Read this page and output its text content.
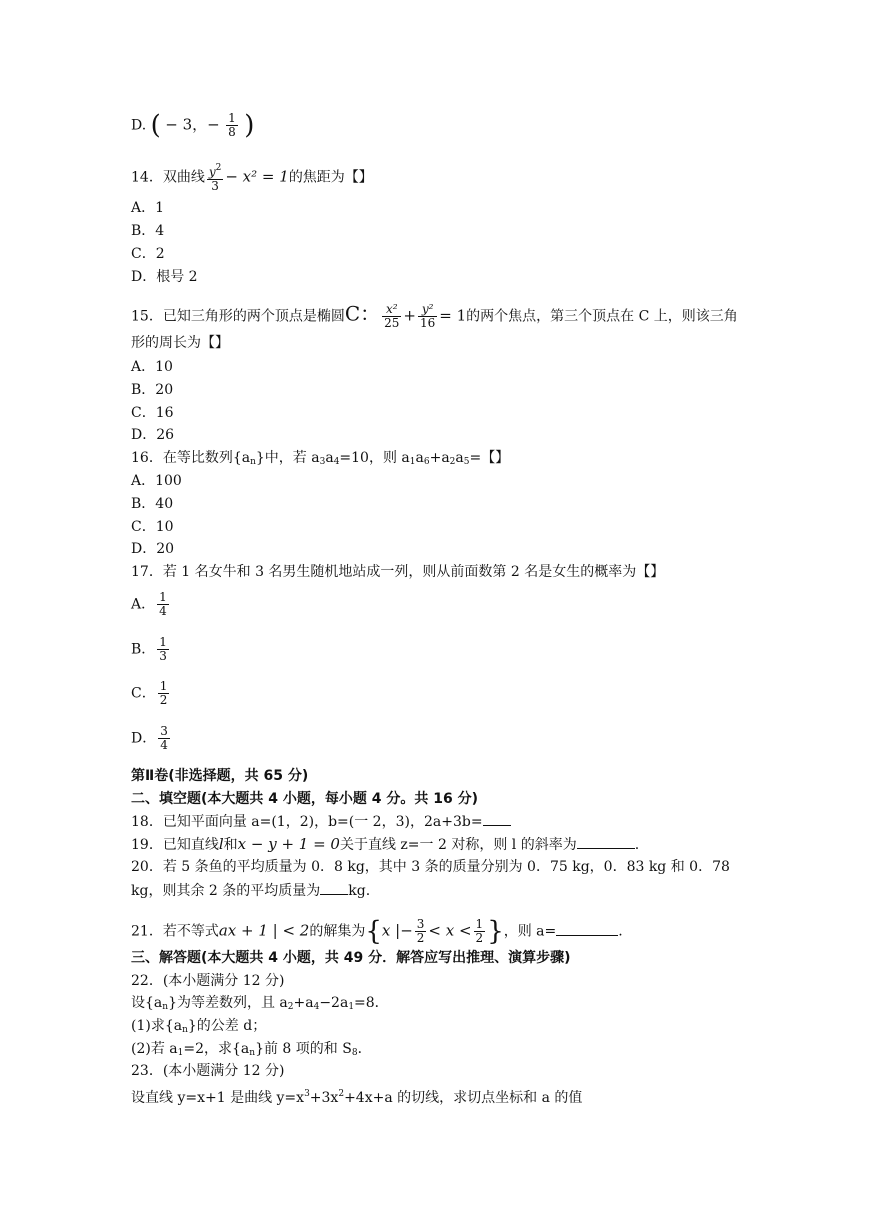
D. ( − 3，− $\frac{1}{8}$ )
14．双曲线 $\frac{y^2}{3} - x^2 = 1$的焦距为【】
A．1
B．4
C．2
D．根号 2
15．已知三角形的两个顶点是椭圆C： $\frac{\text{x²}}{25} + \frac{\text{y²}}{16} = 1$的两个焦点，第三个顶点在 C 上，则该三角
形的周长为【】
A．10
B．20
C．16
D．26
16．在等比数列$\{a_n\}$中，若 $a_3a_4=10$，则 $a_1a_6+a_2a_5=$【】
A．100
B．40
C．10
D．20
17．若 1 名女牛和 3 名男生随机地站成一列，则从前面数第 2 名是女生的概率为【】
A． $\frac{1}{4}$
B． $\frac{1}{3}$
C． $\frac{1}{2}$
D． $\frac{3}{4}$
第Ⅱ卷(非选择题，共 65 分)
二、填空题(本大题共 4 小题，每小题 4 分。共 16 分)
18．已知平面向量 a=(1，2)，b=(一 2，3)，2a+3b=
19．已知直线l和x − y + 1 = 0关于直线 z=一 2 对称，则 l 的斜率为	.
20．若 5 条鱼的平均质量为 0．8 kg，其中 3 条的质量分别为 0．75 kg，0．83 kg 和 0．78
kg，则其余 2 条的平均质量为 kg.
21．若不等式ax + 1 | < 2的解集为{x |− $\frac{3}{2} < x < \frac{1}{2}$ }，则 a=	.
三、解答题(本大题共 4 小题，共 49 分．解答应写出推理、演算步骤)
22．(本小题满分 12 分)
设$\{a_n\}$为等差数列，且 $a_2+a_4-2a_1=8$．
(1)求$\{a_n\}$的公差 d；
(2)若 $a_1=2$，求$\{a_n\}$前 8 项的和 $S_8$．
23．(本小题满分 12 分)
设直线 y=x+1 是曲线 $y=x^3+3x^2+4x+a$ 的切线，求切点坐标和 a 的值
